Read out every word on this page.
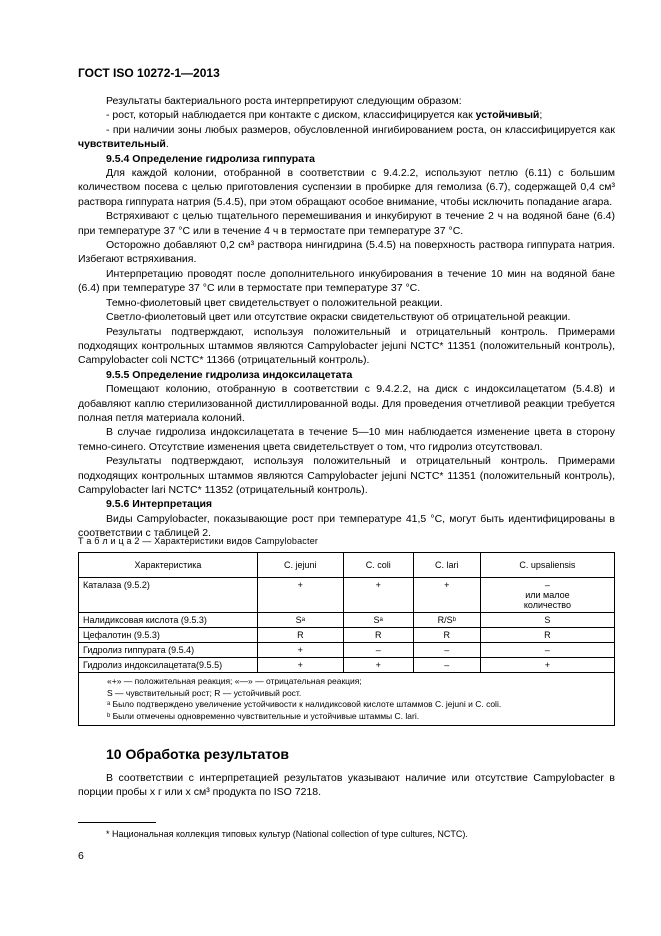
ГОСТ ISO 10272-1—2013

Результаты бактериального роста интерпретируют следующим образом:

- рост, который наблюдается при контакте с диском, классифицируется как устойчивый;

- при наличии зоны любых размеров, обусловленной ингибированием роста, он классифицируется как чувствительный.

9.5.4 Определение гидролиза гиппурата

Для каждой колонии, отобранной в соответствии с 9.4.2.2, используют петлю (6.11) с большим количеством посева с целью приготовления суспензии в пробирке для гемолиза (6.7), содержащей 0,4 см³ раствора гиппурата натрия (5.4.5), при этом обращают особое внимание, чтобы исключить попадание агара.

Встряхивают с целью тщательного перемешивания и инкубируют в течение 2 ч на водяной бане (6.4) при температуре 37 °С или в течение 4 ч в термостате при температуре 37 °С.

Осторожно добавляют 0,2 см³ раствора нингидрина (5.4.5) на поверхность раствора гиппурата натрия. Избегают встряхивания.

Интерпретацию проводят после дополнительного инкубирования в течение 10 мин на водяной бане (6.4) при температуре 37 °С или в термостате при температуре 37 °С.

Темно-фиолетовый цвет свидетельствует о положительной реакции.

Светло-фиолетовый цвет или отсутствие окраски свидетельствуют об отрицательной реакции.

Результаты подтверждают, используя положительный и отрицательный контроль. Примерами подходящих контрольных штаммов являются Campylobacter jejuni NCTC* 11351 (положительный контроль), Campylobacter coli NCTC* 11366 (отрицательный контроль).

9.5.5 Определение гидролиза индоксилацетата

Помещают колонию, отобранную в соответствии с 9.4.2.2, на диск с индоксилацетатом (5.4.8) и добавляют каплю стерилизованной дистиллированной воды. Для проведения отчетливой реакции требуется полная петля материала колоний.

В случае гидролиза индоксилацетата в течение 5—10 мин наблюдается изменение цвета в сторону темно-синего. Отсутствие изменения цвета свидетельствует о том, что гидролиз отсутствовал.

Результаты подтверждают, используя положительный и отрицательный контроль. Примерами подходящих контрольных штаммов являются Campylobacter jejuni NCTC* 11351 (положительный контроль), Campylobacter lari NCTC* 11352 (отрицательный контроль).

9.5.6 Интерпретация

Виды Campylobacter, показывающие рост при температуре 41,5 °С, могут быть идентифицированы в соответствии с таблицей 2.

Т а б л и ц а 2 — Характеристики видов Campylobacter
Характеристика	C. jejuni	C. coli	C. lari	C. upsaliensis
Каталаза (9.5.2)	+	+	+	–
или малое
количество
Налидиксовая кислота (9.5.3)	Sᵃ	Sᵃ	R/Sᵇ	S
Цефалотин (9.5.3)	R	R	R	R
Гидролиз гиппурата (9.5.4)	+	–	–	–
Гидролиз индоксилацетата(9.5.5)	+	+	–	+

«+» — положительная реакция; «—» — отрицательная реакция;
S — чувствительный рост; R — устойчивый рост.
ᵃ Было подтверждено увеличение устойчивости к налидиксовой кислоте штаммов C. jejuni и C. coli.
ᵇ Были отмечены одновременно чувствительные и устойчивые штаммы C. lari.				
10 Обработка результатов
В соответствии с интерпретацией результатов указывают наличие или отсутствие Campylobacter в порции пробы x г или x см³ продукта по ISO 7218.
* Национальная коллекция типовых культур (National collection of type cultures, NCTC).
6
